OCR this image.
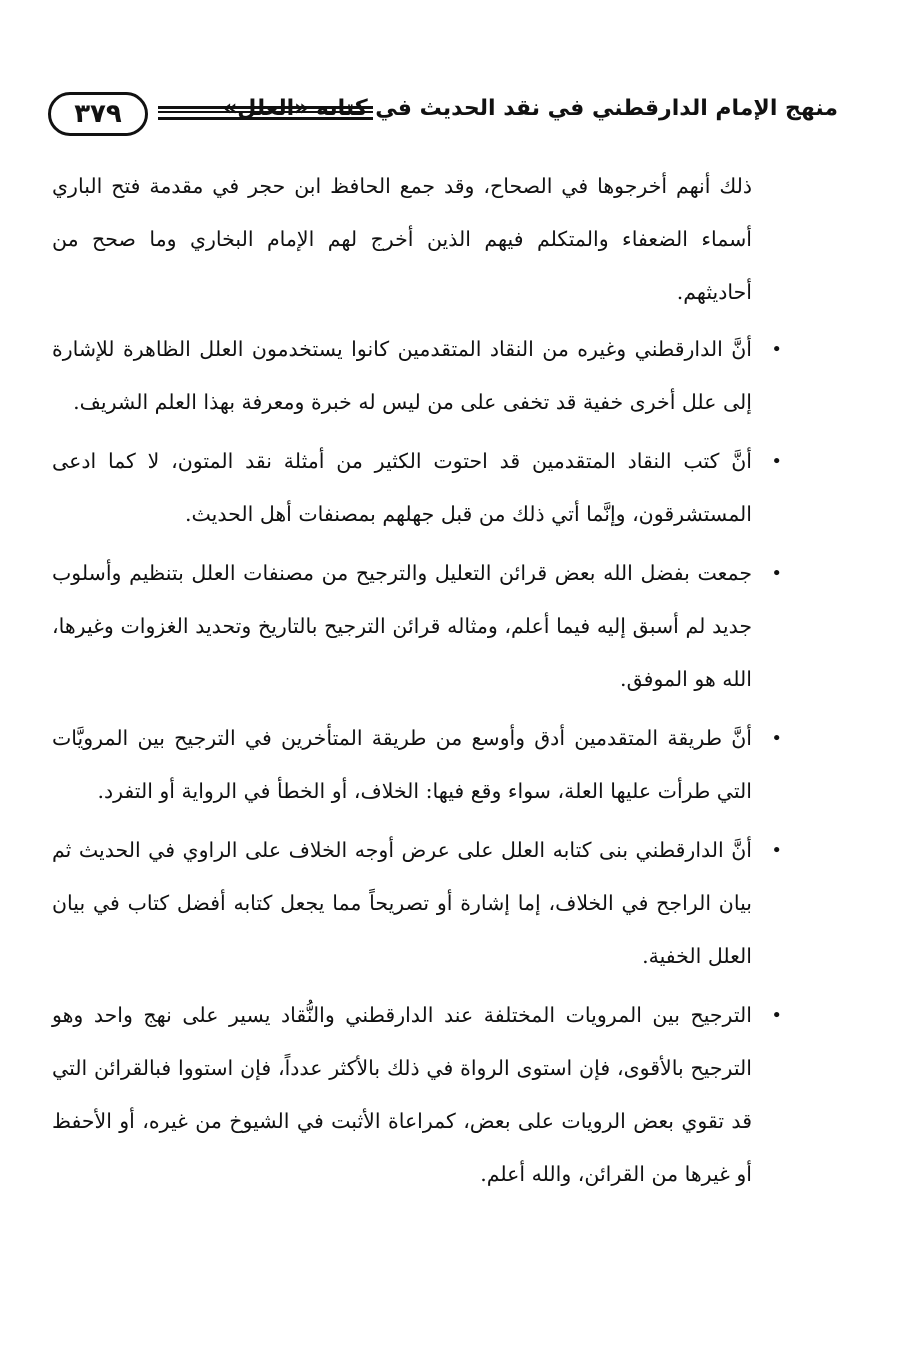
٣٧٩	منهج الإمام الدارقطني في نقد الحديث في كتابه «العلل»

ذلك أنهم أخرجوها في الصحاح، وقد جمع الحافظ ابن حجر في مقدمة فتح الباري أسماء الضعفاء والمتكلم فيهم الذين أخرج لهم الإمام البخاري وما صحح من أحاديثهم.

•
أنَّ الدارقطني وغيره من النقاد المتقدمين كانوا يستخدمون العلل الظاهرة للإشارة إلى علل أخرى خفية قد تخفى على من ليس له خبرة ومعرفة بهذا العلم الشريف.
•
أنَّ كتب النقاد المتقدمين قد احتوت الكثير من أمثلة نقد المتون، لا كما ادعى المستشرقون، وإنَّما أتي ذلك من قبل جهلهم بمصنفات أهل الحديث.
•
جمعت بفضل الله بعض قرائن التعليل والترجيح من مصنفات العلل بتنظيم وأسلوب جديد لم أسبق إليه فيما أعلم، ومثاله قرائن الترجيح بالتاريخ وتحديد الغزوات وغيرها، الله هو الموفق.
•
أنَّ طريقة المتقدمين أدق وأوسع من طريقة المتأخرين في الترجيح بين المرويَّات التي طرأت عليها العلة، سواء وقع فيها: الخلاف، أو الخطأ في الرواية أو التفرد.
•
أنَّ الدارقطني بنى كتابه العلل على عرض أوجه الخلاف على الراوي في الحديث ثم بيان الراجح في الخلاف، إما إشارة أو تصريحاً مما يجعل كتابه أفضل كتاب في بيان العلل الخفية.
•
الترجيح بين المرويات المختلفة عند الدارقطني والنُّقاد يسير على نهج واحد وهو الترجيح بالأقوى، فإن استوى الرواة في ذلك بالأكثر عدداً، فإن استووا فبالقرائن التي قد تقوي بعض الرويات على بعض، كمراعاة الأثبت في الشيوخ من غيره، أو الأحفظ أو غيرها من القرائن، والله أعلم.
